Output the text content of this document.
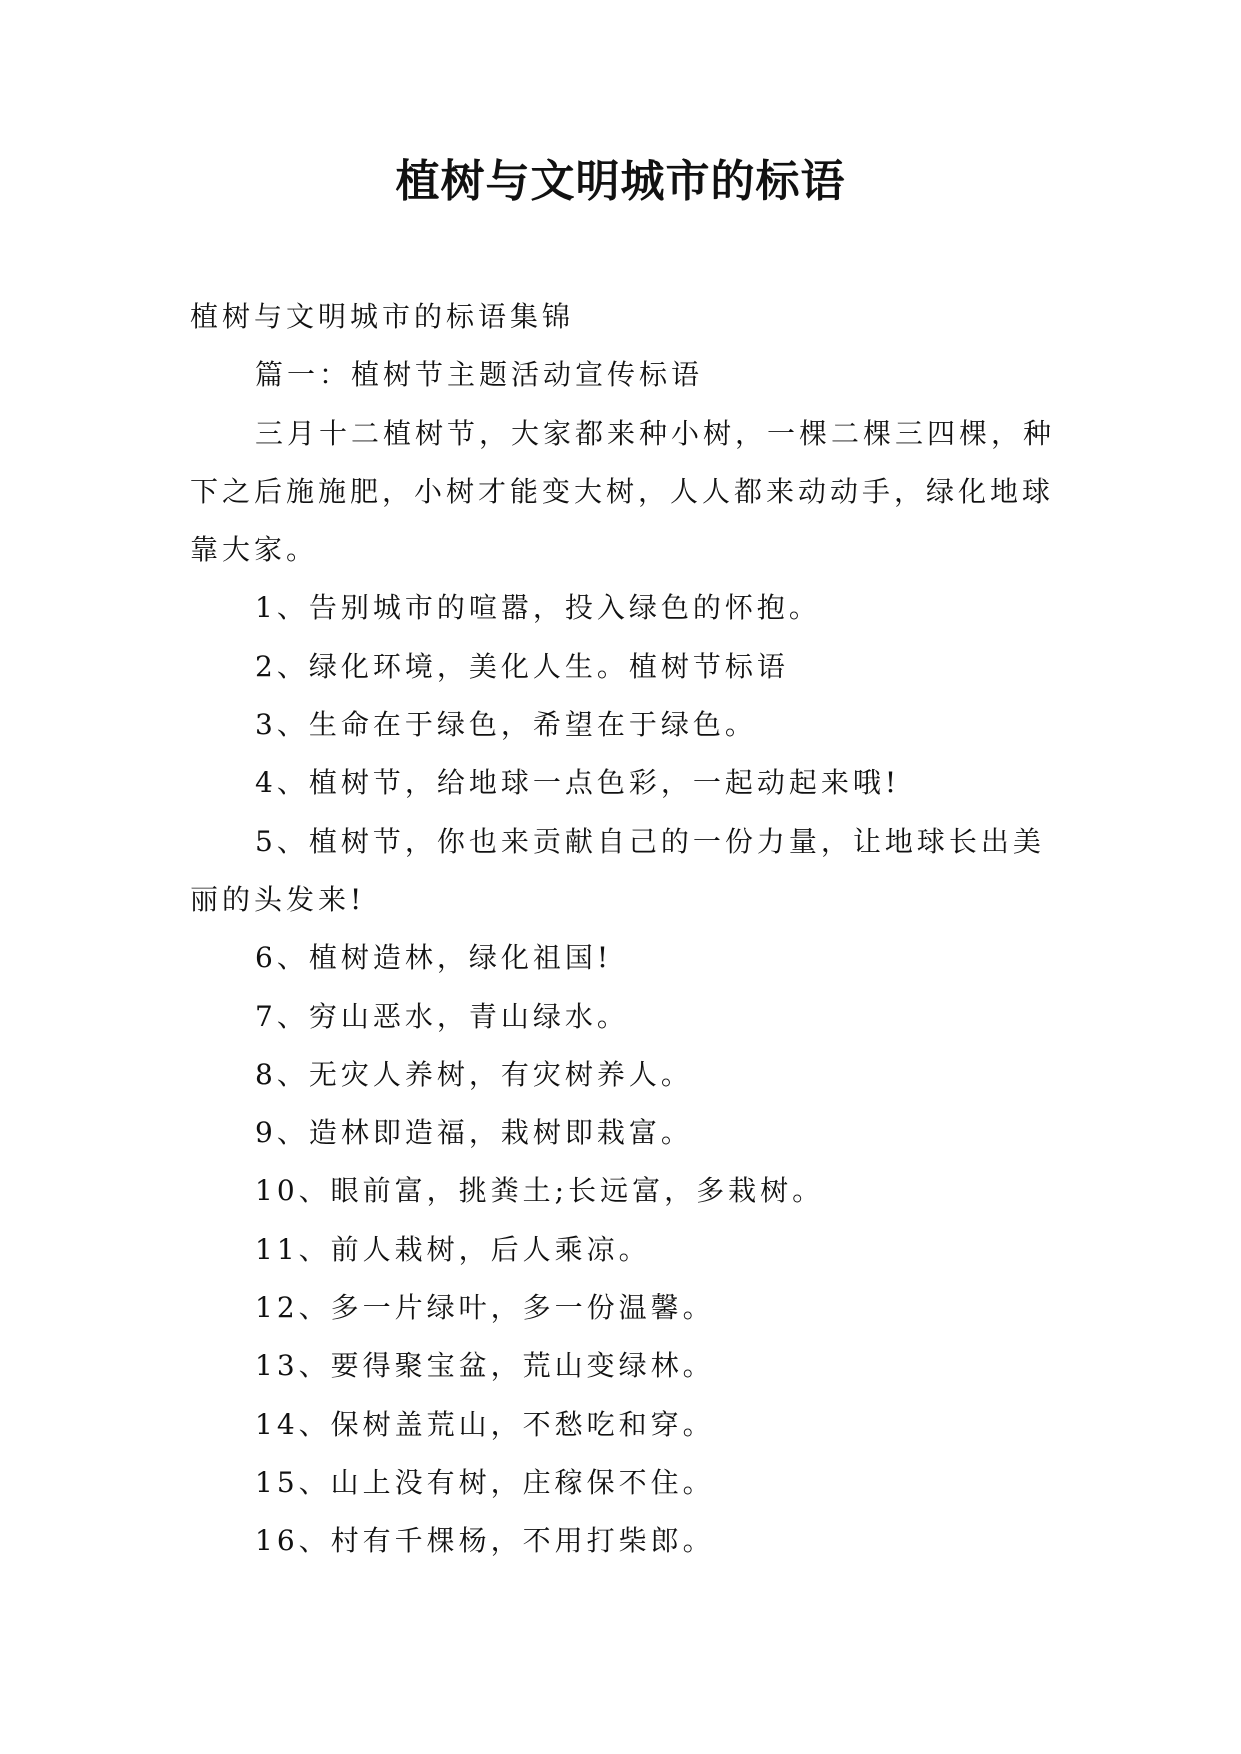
植树与文明城市的标语

植树与文明城市的标语集锦

篇一：植树节主题活动宣传标语

三月十二植树节，大家都来种小树，一棵二棵三四棵，种下之后施施肥，小树才能变大树，人人都来动动手，绿化地球靠大家。

1、告别城市的喧嚣，投入绿色的怀抱。

2、绿化环境，美化人生。植树节标语

3、生命在于绿色，希望在于绿色。

4、植树节，给地球一点色彩，一起动起来哦!

5、植树节，你也来贡献自己的一份力量，让地球长出美丽的头发来!

6、植树造林，绿化祖国!

7、穷山恶水，青山绿水。

8、无灾人养树，有灾树养人。

9、造林即造福，栽树即栽富。

10、眼前富，挑粪土;长远富，多栽树。

11、前人栽树，后人乘凉。

12、多一片绿叶，多一份温馨。

13、要得聚宝盆，荒山变绿林。

14、保树盖荒山，不愁吃和穿。

15、山上没有树，庄稼保不住。

16、村有千棵杨，不用打柴郎。
